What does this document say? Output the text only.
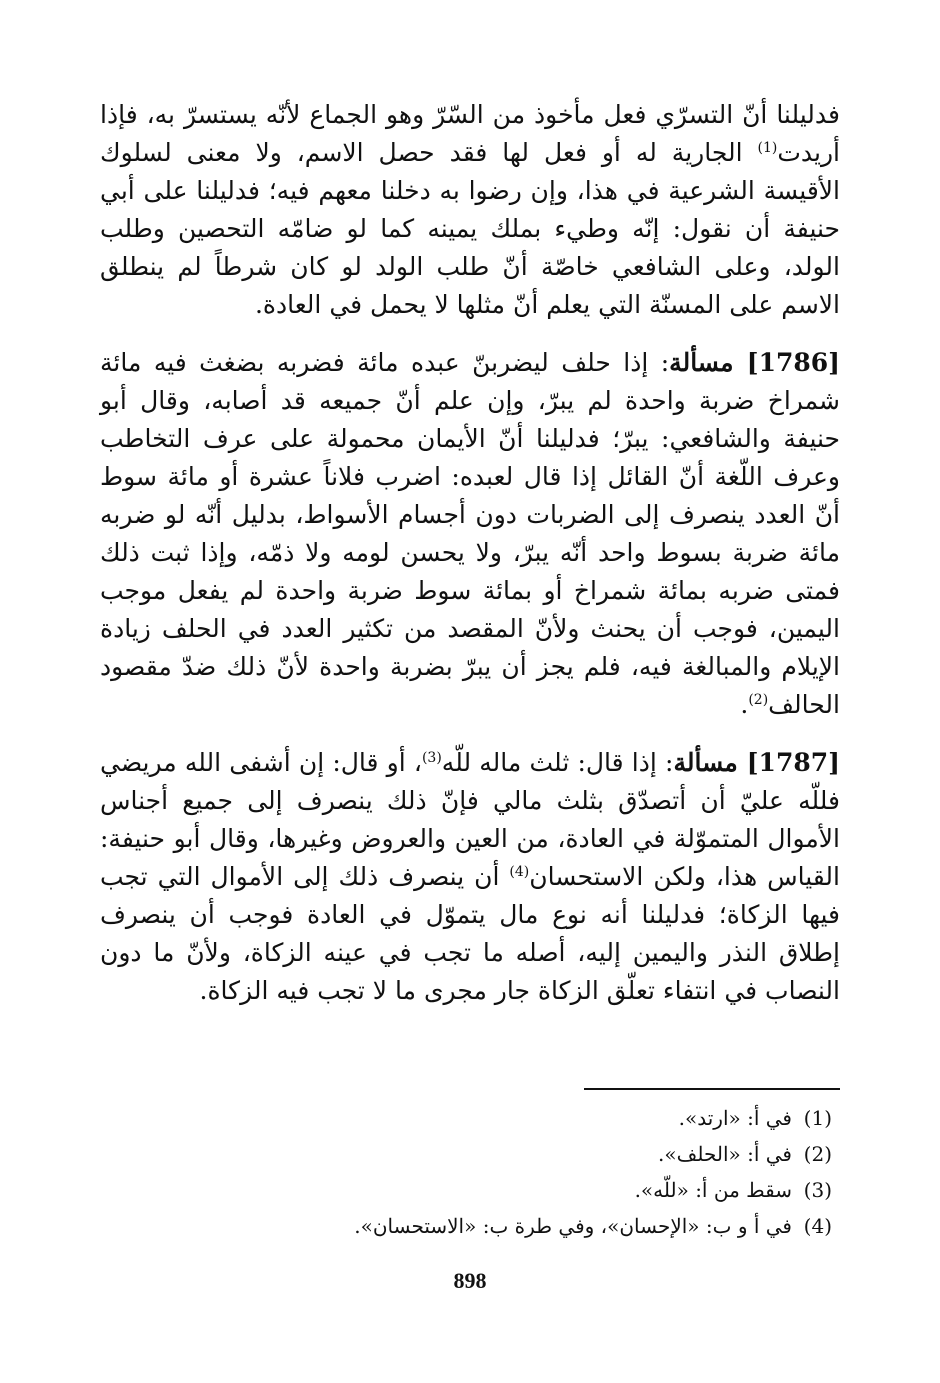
فدليلنا أنّ التسرّي فعل مأخوذ من السّرّ وهو الجماع لأنّه يستسرّ به، فإذا أريدت$^{(1)}$ الجارية له أو فعل لها فقد حصل الاسم، ولا معنى لسلوك الأقيسة الشرعية في هذا، وإن رضوا به دخلنا معهم فيه؛ فدليلنا على أبي حنيفة أن نقول: إنّه وطيء بملك يمينه كما لو ضامّه التحصين وطلب الولد، وعلى الشافعي خاصّة أنّ طلب الولد لو كان شرطاً لم ينطلق الاسم على المسنّة التي يعلم أنّ مثلها لا يحمل في العادة.

[1786] مسألة: إذا حلف ليضربنّ عبده مائة فضربه بضغث فيه مائة شمراخ ضربة واحدة لم يبرّ، وإن علم أنّ جميعه قد أصابه، وقال أبو حنيفة والشافعي: يبرّ؛ فدليلنا أنّ الأيمان محمولة على عرف التخاطب وعرف اللّغة أنّ القائل إذا قال لعبده: اضرب فلاناً عشرة أو مائة سوط أنّ العدد ينصرف إلى الضربات دون أجسام الأسواط، بدليل أنّه لو ضربه مائة ضربة بسوط واحد أنّه يبرّ، ولا يحسن لومه ولا ذمّه، وإذا ثبت ذلك فمتى ضربه بمائة شمراخ أو بمائة سوط ضربة واحدة لم يفعل موجب اليمين، فوجب أن يحنث ولأنّ المقصد من تكثير العدد في الحلف زيادة الإيلام والمبالغة فيه، فلم يجز أن يبرّ بضربة واحدة لأنّ ذلك ضدّ مقصود الحالف$^{(2)}$.

[1787] مسألة: إذا قال: ثلث ماله للّه$^{(3)}$، أو قال: إن أشفى الله مريضي فللّه عليّ أن أتصدّق بثلث مالي فإنّ ذلك ينصرف إلى جميع أجناس الأموال المتموّلة في العادة، من العين والعروض وغيرها، وقال أبو حنيفة: القياس هذا، ولكن الاستحسان$^{(4)}$ أن ينصرف ذلك إلى الأموال التي تجب فيها الزكاة؛ فدليلنا أنه نوع مال يتموّل في العادة فوجب أن ينصرف إطلاق النذر واليمين إليه، أصله ما تجب في عينه الزكاة، ولأنّ ما دون النصاب في انتفاء تعلّق الزكاة جار مجرى ما لا تجب فيه الزكاة.

(1)
في أ: «ارتد».
(2)
في أ: «الحلف».
(3)
سقط من أ: «للّه».
(4)
في أ و ب: «الإحسان»، وفي طرة ب: «الاستحسان».
898
